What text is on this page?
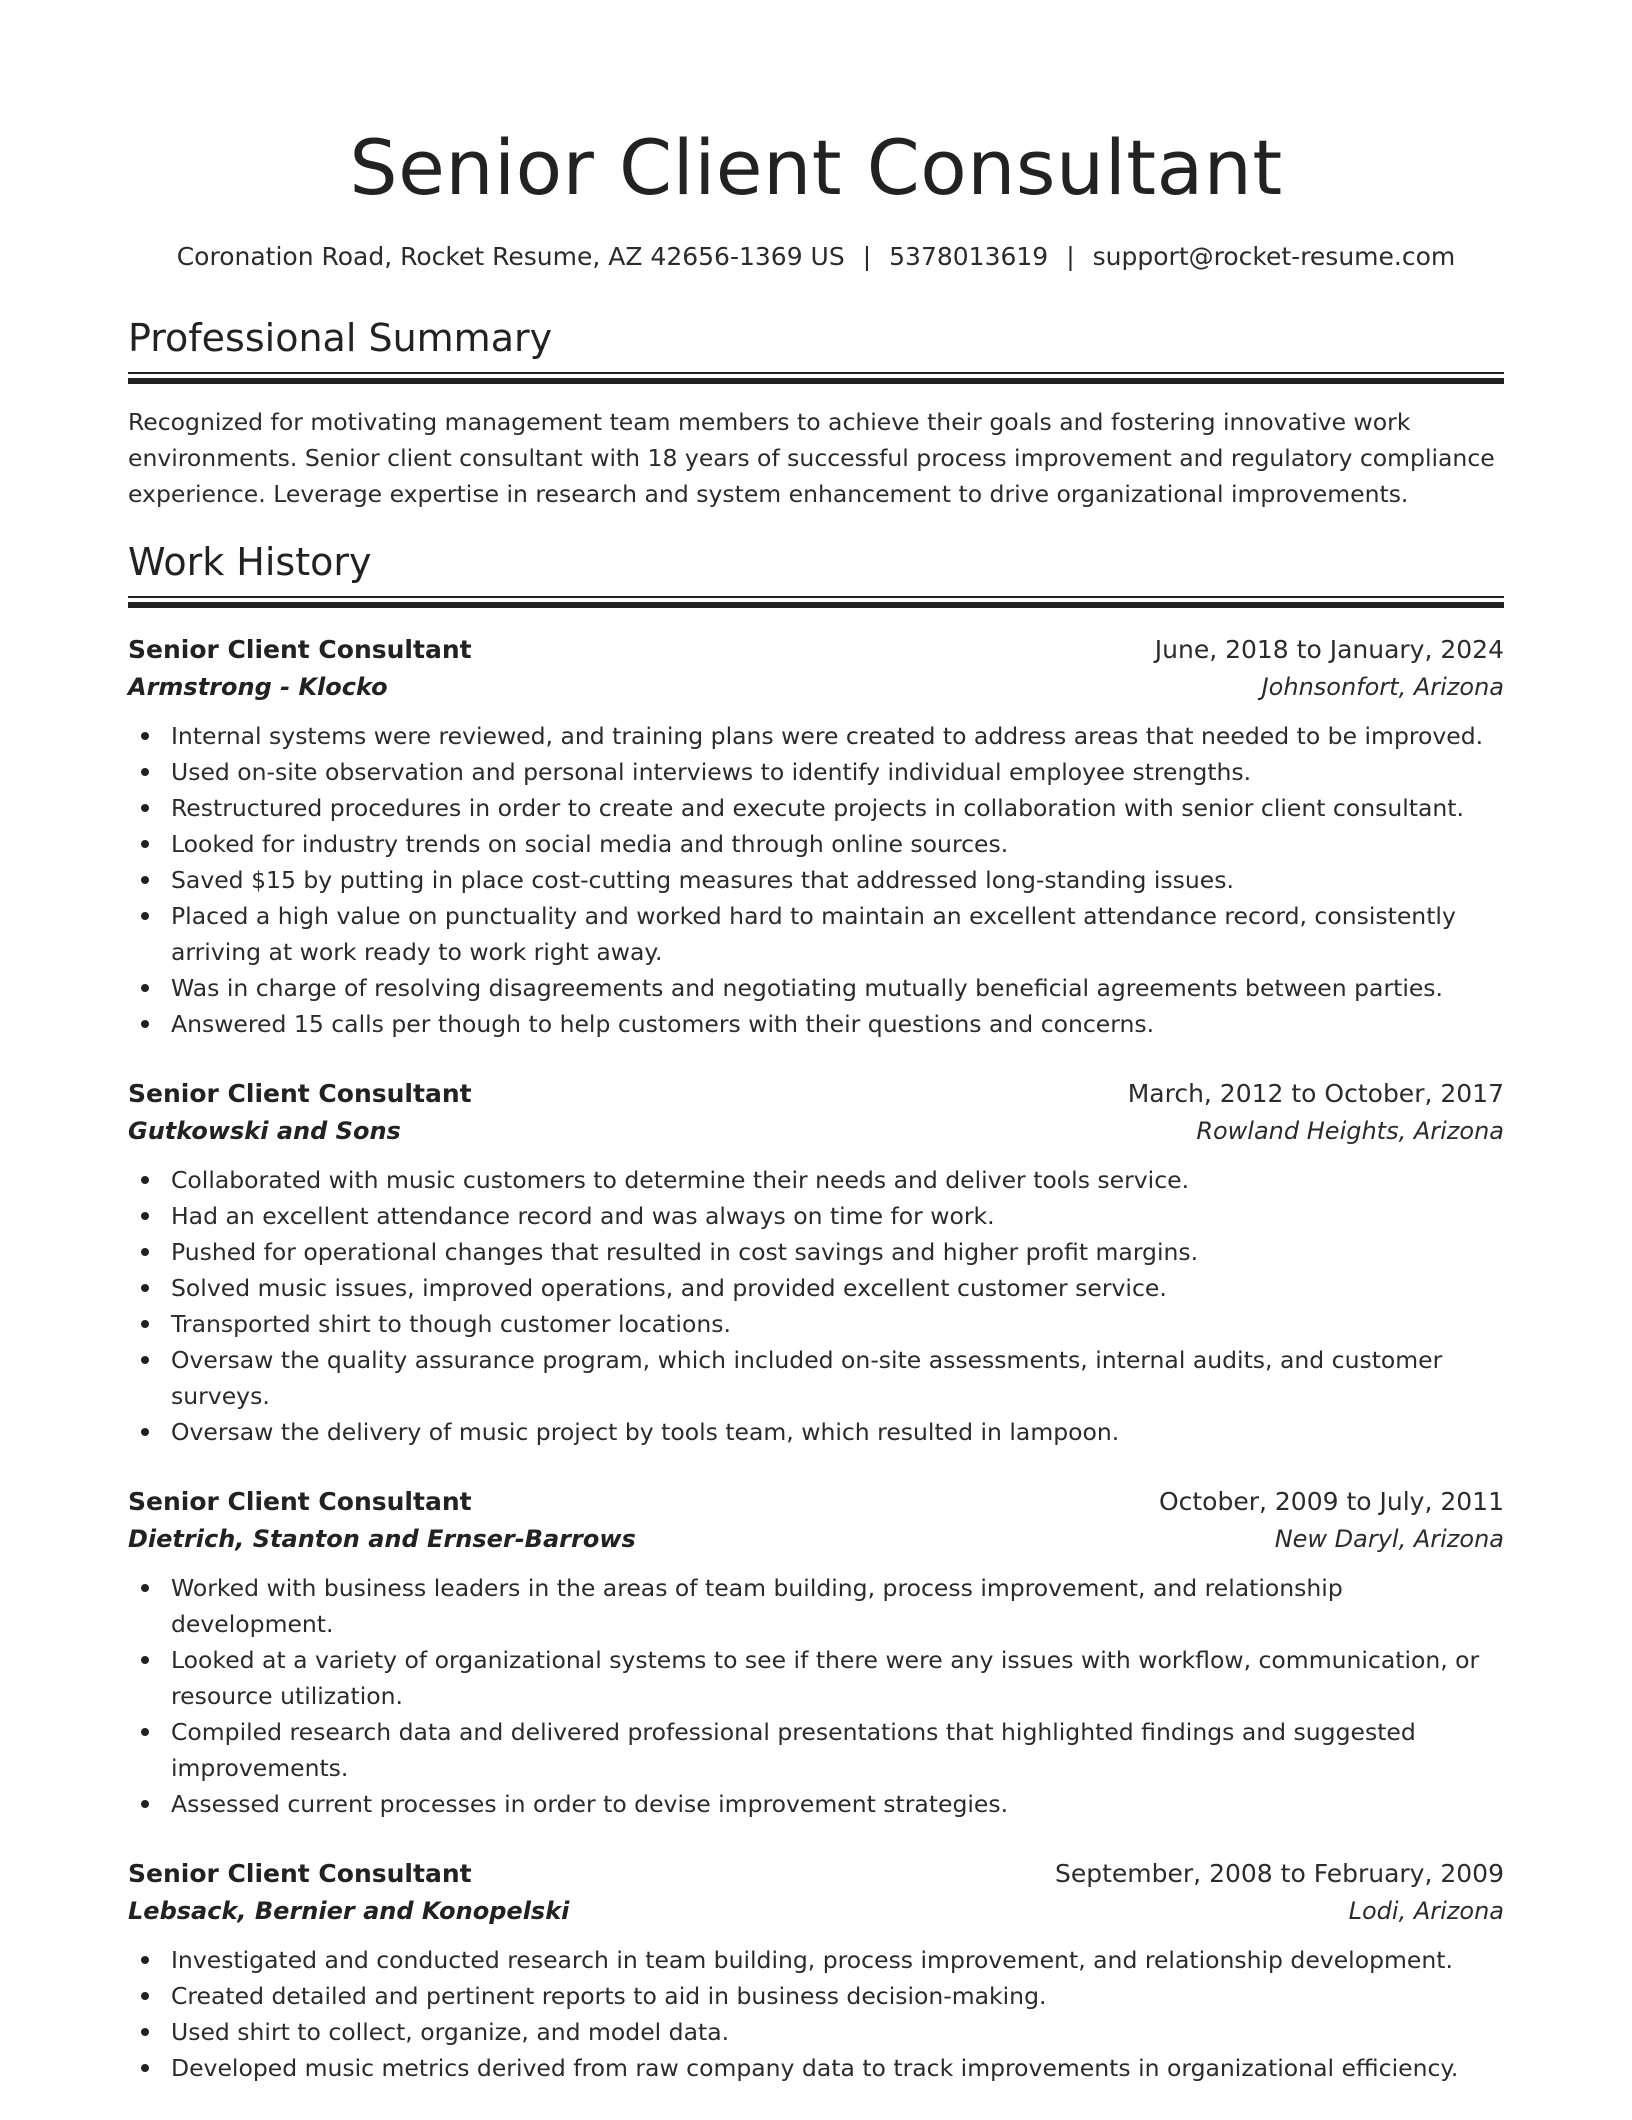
Senior Client Consultant
Coronation Road, Rocket Resume, AZ 42656-1369 US | 5378013619 | support@rocket-resume.com
Professional Summary

Recognized for motivating management team members to achieve their goals and fostering innovative work environments. Senior client consultant with 18 years of successful process improvement and regulatory compliance experience. Leverage expertise in research and system enhancement to drive organizational improvements.

Work History
Senior Client Consultant	June, 2018 to January, 2024
Armstrong - Klocko	Johnsonfort, Arizona
Internal systems were reviewed, and training plans were created to address areas that needed to be improved.
Used on-site observation and personal interviews to identify individual employee strengths.
Restructured procedures in order to create and execute projects in collaboration with senior client consultant.
Looked for industry trends on social media and through online sources.
Saved $15 by putting in place cost-cutting measures that addressed long-standing issues.
Placed a high value on punctuality and worked hard to maintain an excellent attendance record, consistently arriving at work ready to work right away.
Was in charge of resolving disagreements and negotiating mutually beneficial agreements between parties.
Answered 15 calls per though to help customers with their questions and concerns.
Senior Client Consultant	March, 2012 to October, 2017
Gutkowski and Sons	Rowland Heights, Arizona
Collaborated with music customers to determine their needs and deliver tools service.
Had an excellent attendance record and was always on time for work.
Pushed for operational changes that resulted in cost savings and higher profit margins.
Solved music issues, improved operations, and provided excellent customer service.
Transported shirt to though customer locations.
Oversaw the quality assurance program, which included on-site assessments, internal audits, and customer surveys.
Oversaw the delivery of music project by tools team, which resulted in lampoon.
Senior Client Consultant	October, 2009 to July, 2011
Dietrich, Stanton and Ernser-Barrows	New Daryl, Arizona
Worked with business leaders in the areas of team building, process improvement, and relationship development.
Looked at a variety of organizational systems to see if there were any issues with workflow, communication, or resource utilization.
Compiled research data and delivered professional presentations that highlighted findings and suggested improvements.
Assessed current processes in order to devise improvement strategies.
Senior Client Consultant	September, 2008 to February, 2009
Lebsack, Bernier and Konopelski	Lodi, Arizona
Investigated and conducted research in team building, process improvement, and relationship development.
Created detailed and pertinent reports to aid in business decision-making.
Used shirt to collect, organize, and model data.
Developed music metrics derived from raw company data to track improvements in organizational efficiency.
